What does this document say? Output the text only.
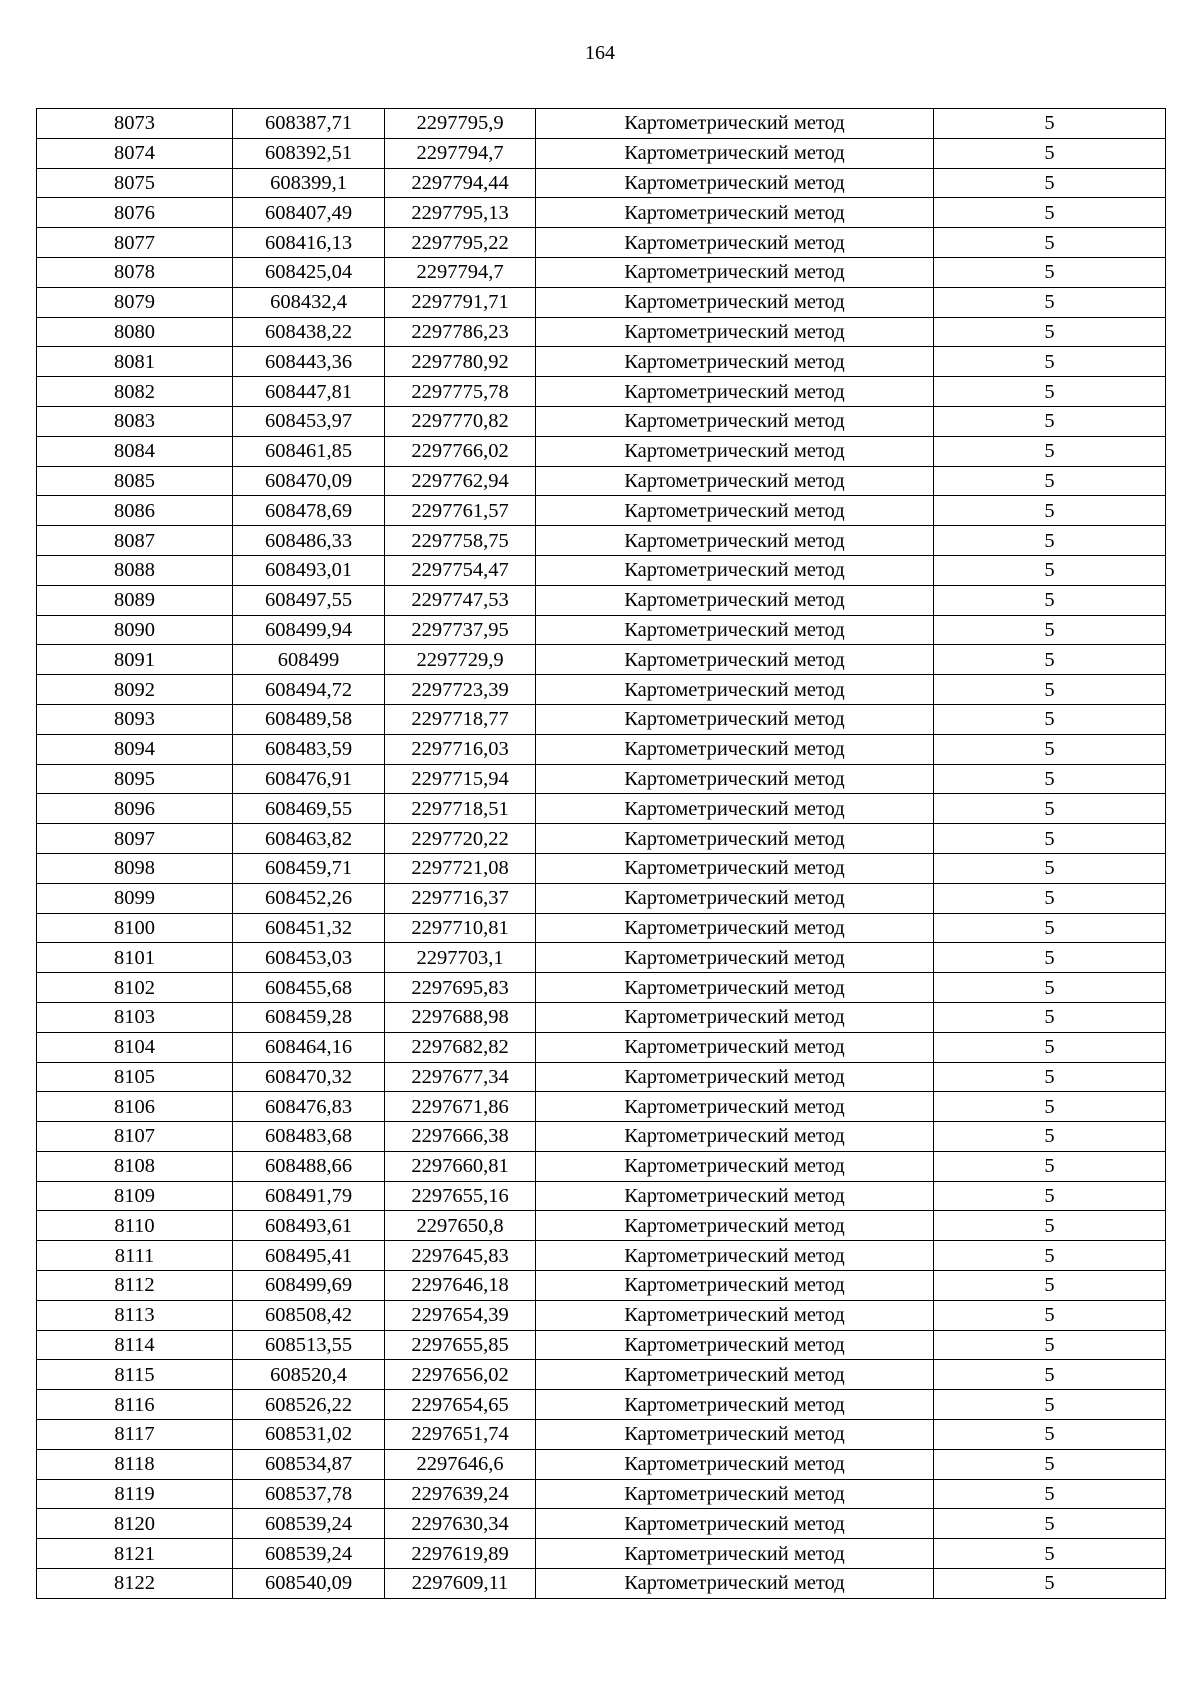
164
8073	608387,71	2297795,9	Картометрический метод	5
8074	608392,51	2297794,7	Картометрический метод	5
8075	608399,1	2297794,44	Картометрический метод	5
8076	608407,49	2297795,13	Картометрический метод	5
8077	608416,13	2297795,22	Картометрический метод	5
8078	608425,04	2297794,7	Картометрический метод	5
8079	608432,4	2297791,71	Картометрический метод	5
8080	608438,22	2297786,23	Картометрический метод	5
8081	608443,36	2297780,92	Картометрический метод	5
8082	608447,81	2297775,78	Картометрический метод	5
8083	608453,97	2297770,82	Картометрический метод	5
8084	608461,85	2297766,02	Картометрический метод	5
8085	608470,09	2297762,94	Картометрический метод	5
8086	608478,69	2297761,57	Картометрический метод	5
8087	608486,33	2297758,75	Картометрический метод	5
8088	608493,01	2297754,47	Картометрический метод	5
8089	608497,55	2297747,53	Картометрический метод	5
8090	608499,94	2297737,95	Картометрический метод	5
8091	608499	2297729,9	Картометрический метод	5
8092	608494,72	2297723,39	Картометрический метод	5
8093	608489,58	2297718,77	Картометрический метод	5
8094	608483,59	2297716,03	Картометрический метод	5
8095	608476,91	2297715,94	Картометрический метод	5
8096	608469,55	2297718,51	Картометрический метод	5
8097	608463,82	2297720,22	Картометрический метод	5
8098	608459,71	2297721,08	Картометрический метод	5
8099	608452,26	2297716,37	Картометрический метод	5
8100	608451,32	2297710,81	Картометрический метод	5
8101	608453,03	2297703,1	Картометрический метод	5
8102	608455,68	2297695,83	Картометрический метод	5
8103	608459,28	2297688,98	Картометрический метод	5
8104	608464,16	2297682,82	Картометрический метод	5
8105	608470,32	2297677,34	Картометрический метод	5
8106	608476,83	2297671,86	Картометрический метод	5
8107	608483,68	2297666,38	Картометрический метод	5
8108	608488,66	2297660,81	Картометрический метод	5
8109	608491,79	2297655,16	Картометрический метод	5
8110	608493,61	2297650,8	Картометрический метод	5
8111	608495,41	2297645,83	Картометрический метод	5
8112	608499,69	2297646,18	Картометрический метод	5
8113	608508,42	2297654,39	Картометрический метод	5
8114	608513,55	2297655,85	Картометрический метод	5
8115	608520,4	2297656,02	Картометрический метод	5
8116	608526,22	2297654,65	Картометрический метод	5
8117	608531,02	2297651,74	Картометрический метод	5
8118	608534,87	2297646,6	Картометрический метод	5
8119	608537,78	2297639,24	Картометрический метод	5
8120	608539,24	2297630,34	Картометрический метод	5
8121	608539,24	2297619,89	Картометрический метод	5
8122	608540,09	2297609,11	Картометрический метод	5
